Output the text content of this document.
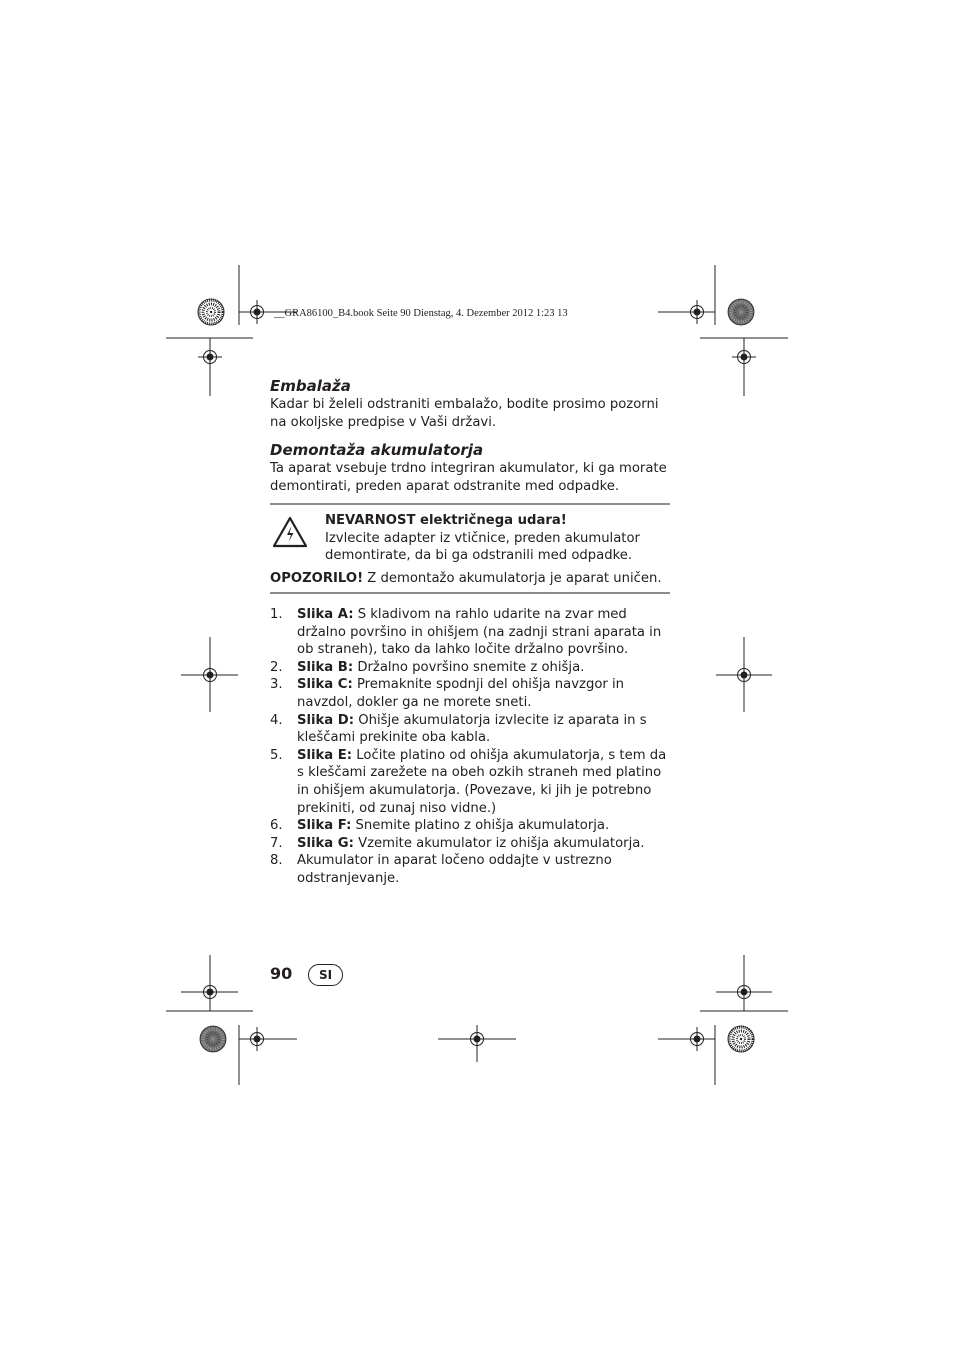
__GRA86100_B4.book Seite 90 Dienstag, 4. Dezember 2012 1:23 13
Embalaža

Kadar bi želeli odstraniti embalažo, bodite prosimo pozorni na okoljske predpise v Vaši državi.

Demontaža akumulatorja

Ta aparat vsebuje trdno integriran akumulator, ki ga morate demontirati, preden aparat odstranite med odpadke.

NEVARNOST električnega udara!

Izvlecite adapter iz vtičnice, preden akumulator demontirate, da bi ga odstranili med odpadke.

OPOZORILO! Z demontažo akumulatorja je aparat uničen.

1. Slika A: S kladivom na rahlo udarite na zvar med držalno površino in ohišjem (na zadnji strani aparata in ob straneh), tako da lahko ločite držalno površino.
2. Slika B: Držalno površino snemite z ohišja.
3. Slika C: Premaknite spodnji del ohišja navzgor in navzdol, dokler ga ne morete sneti.
4. Slika D: Ohišje akumulatorja izvlecite iz aparata in s kleščami prekinite oba kabla.
5. Slika E: Ločite platino od ohišja akumulatorja, s tem da s kleščami zarežete na obeh ozkih straneh med platino in ohišjem akumulatorja. (Povezave, ki jih je potrebno prekiniti, od zunaj niso vidne.)
6. Slika F: Snemite platino z ohišja akumulatorja.
7. Slika G: Vzemite akumulator iz ohišja akumulatorja.
8. Akumulator in aparat ločeno oddajte v ustrezno odstranjevanje.
90	SI
